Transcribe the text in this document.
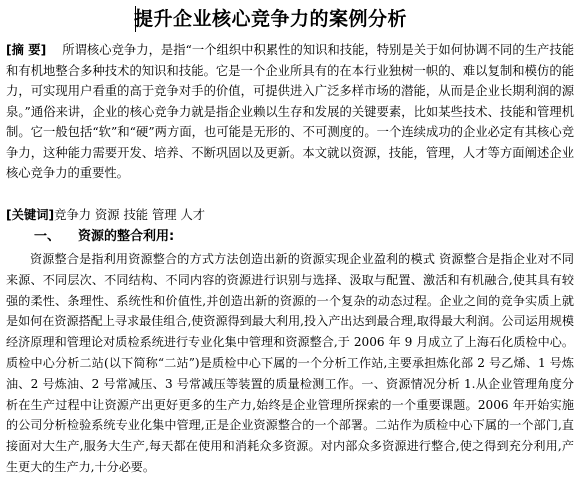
提升企业核心竞争力的案例分析
[摘 要] 所谓核心竞争力，是指“一个组织中积累性的知识和技能，特别是关于如何协调不同的生产技能和有机地整合多种技术的知识和技能。它是一个企业所具有的在本行业独树一帜的、难以复制和模仿的能力，可实现用户看重的高于竞争对手的价值，可提供进入广泛多样市场的潜能，从而是企业长期利润的源泉。”通俗来讲，企业的核心竞争力就是指企业赖以生存和发展的关键要素，比如某些技术、技能和管理机制。它一般包括“软”和“硬”两方面，也可能是无形的、不可测度的。一个连续成功的企业必定有其核心竞争力，这种能力需要开发、培养、不断巩固以及更新。本文就以资源，技能，管理，人才等方面阐述企业核心竞争力的重要性。
[关键词]竞争力 资源 技能 管理 人才
一、 资源的整合利用:
资源整合是指利用资源整合的方式方法创造出新的资源实现企业盈利的模式 资源整合是指企业对不同来源、不同层次、不同结构、不同内容的资源进行识别与选择、汲取与配置、激活和有机融合,使其具有较强的柔性、条理性、系统性和价值性,并创造出新的资源的一个复杂的动态过程。企业之间的竞争实质上就是如何在资源搭配上寻求最佳组合,使资源得到最大利用,投入产出达到最合理,取得最大利润。公司运用规模经济原理和管理论对质检系统进行专业化集中管理和资源整合,于 2006 年 9 月成立了上海石化质检中心。质检中心分析二站(以下简称“二站”)是质检中心下属的一个分析工作站,主要承担炼化部 2 号乙烯、1 号炼油、2 号炼油、2 号常减压、3 号常减压等装置的质量检测工作。一、资源情况分析 1.从企业管理角度分析在生产过程中让资源产出更好更多的生产力,始终是企业管理所探索的一个重要课题。2006 年开始实施的公司分析检验系统专业化集中管理,正是企业资源整合的一个部署。二站作为质检中心下属的一个部门,直接面对大生产,服务大生产,每天都在使用和消耗众多资源。对内部众多资源进行整合,使之得到充分利用,产生更大的生产力,十分必要。
